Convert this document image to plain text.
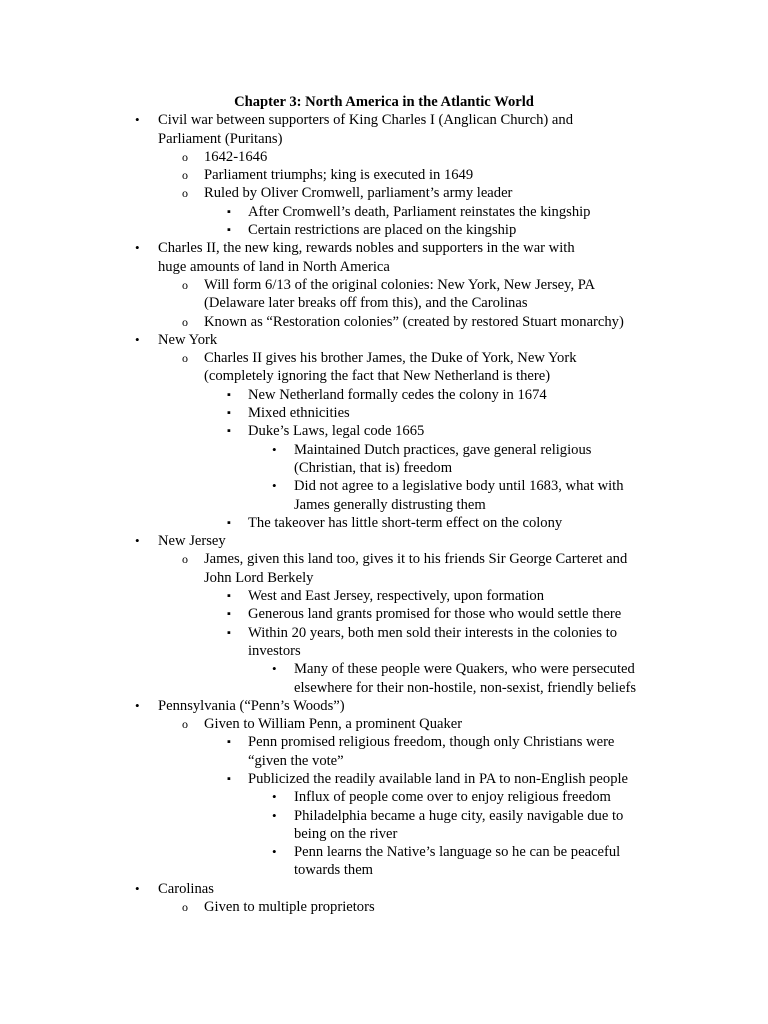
Chapter 3: North America in the Atlantic World
• Civil war between supporters of King Charles I (Anglican Church) and Parliament (Puritans)
o 1642-1646
o Parliament triumphs; king is executed in 1649
o Ruled by Oliver Cromwell, parliament’s army leader
▪ After Cromwell’s death, Parliament reinstates the kingship
▪ Certain restrictions are placed on the kingship
• Charles II, the new king, rewards nobles and supporters in the war with huge amounts of land in North America
o Will form 6/13 of the original colonies: New York, New Jersey, PA (Delaware later breaks off from this), and the Carolinas
o Known as “Restoration colonies” (created by restored Stuart monarchy)
• New York
o Charles II gives his brother James, the Duke of York, New York (completely ignoring the fact that New Netherland is there)
▪ New Netherland formally cedes the colony in 1674
▪ Mixed ethnicities
▪ Duke’s Laws, legal code 1665
• Maintained Dutch practices, gave general religious (Christian, that is) freedom
• Did not agree to a legislative body until 1683, what with James generally distrusting them
▪ The takeover has little short-term effect on the colony
• New Jersey
o James, given this land too, gives it to his friends Sir George Carteret and John Lord Berkely
▪ West and East Jersey, respectively, upon formation
▪ Generous land grants promised for those who would settle there
▪ Within 20 years, both men sold their interests in the colonies to investors
• Many of these people were Quakers, who were persecuted elsewhere for their non-hostile, non-sexist, friendly beliefs
• Pennsylvania (“Penn’s Woods”)
o Given to William Penn, a prominent Quaker
▪ Penn promised religious freedom, though only Christians were “given the vote”
▪ Publicized the readily available land in PA to non-English people
• Influx of people come over to enjoy religious freedom
• Philadelphia became a huge city, easily navigable due to being on the river
• Penn learns the Native’s language so he can be peaceful towards them
• Carolinas
o Given to multiple proprietors
